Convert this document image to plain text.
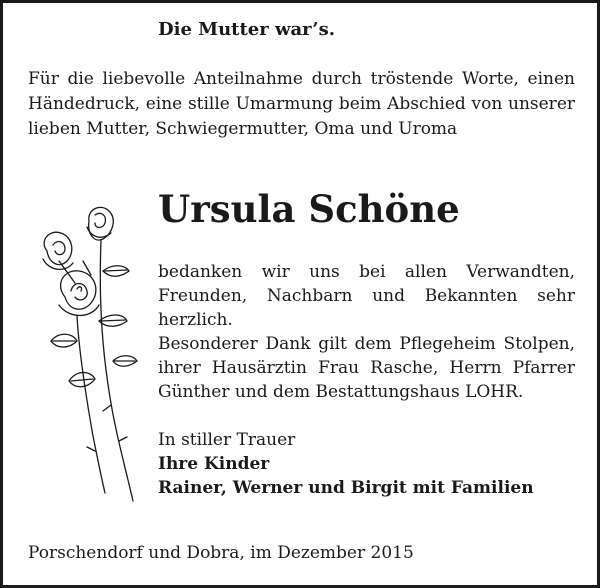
Die Mutter war’s.
Für die liebevolle Anteilnahme durch tröstende Worte, einen Händedruck, eine stille Umarmung beim Abschied von unserer lieben Mutter, Schwiegermutter, Oma und Uroma
Ursula Schöne

bedanken wir uns bei allen Verwandten, Freunden, Nachbarn und Bekannten sehr herzlich.

Besonderer Dank gilt dem Pflegeheim Stolpen, ihrer Hausärztin Frau Rasche, Herrn Pfarrer Günther und dem Bestattungshaus LOHR.

In stiller Trauer

Ihre Kinder

Rainer, Werner und Birgit mit Familien

Porschendorf und Dobra, im Dezember 2015
